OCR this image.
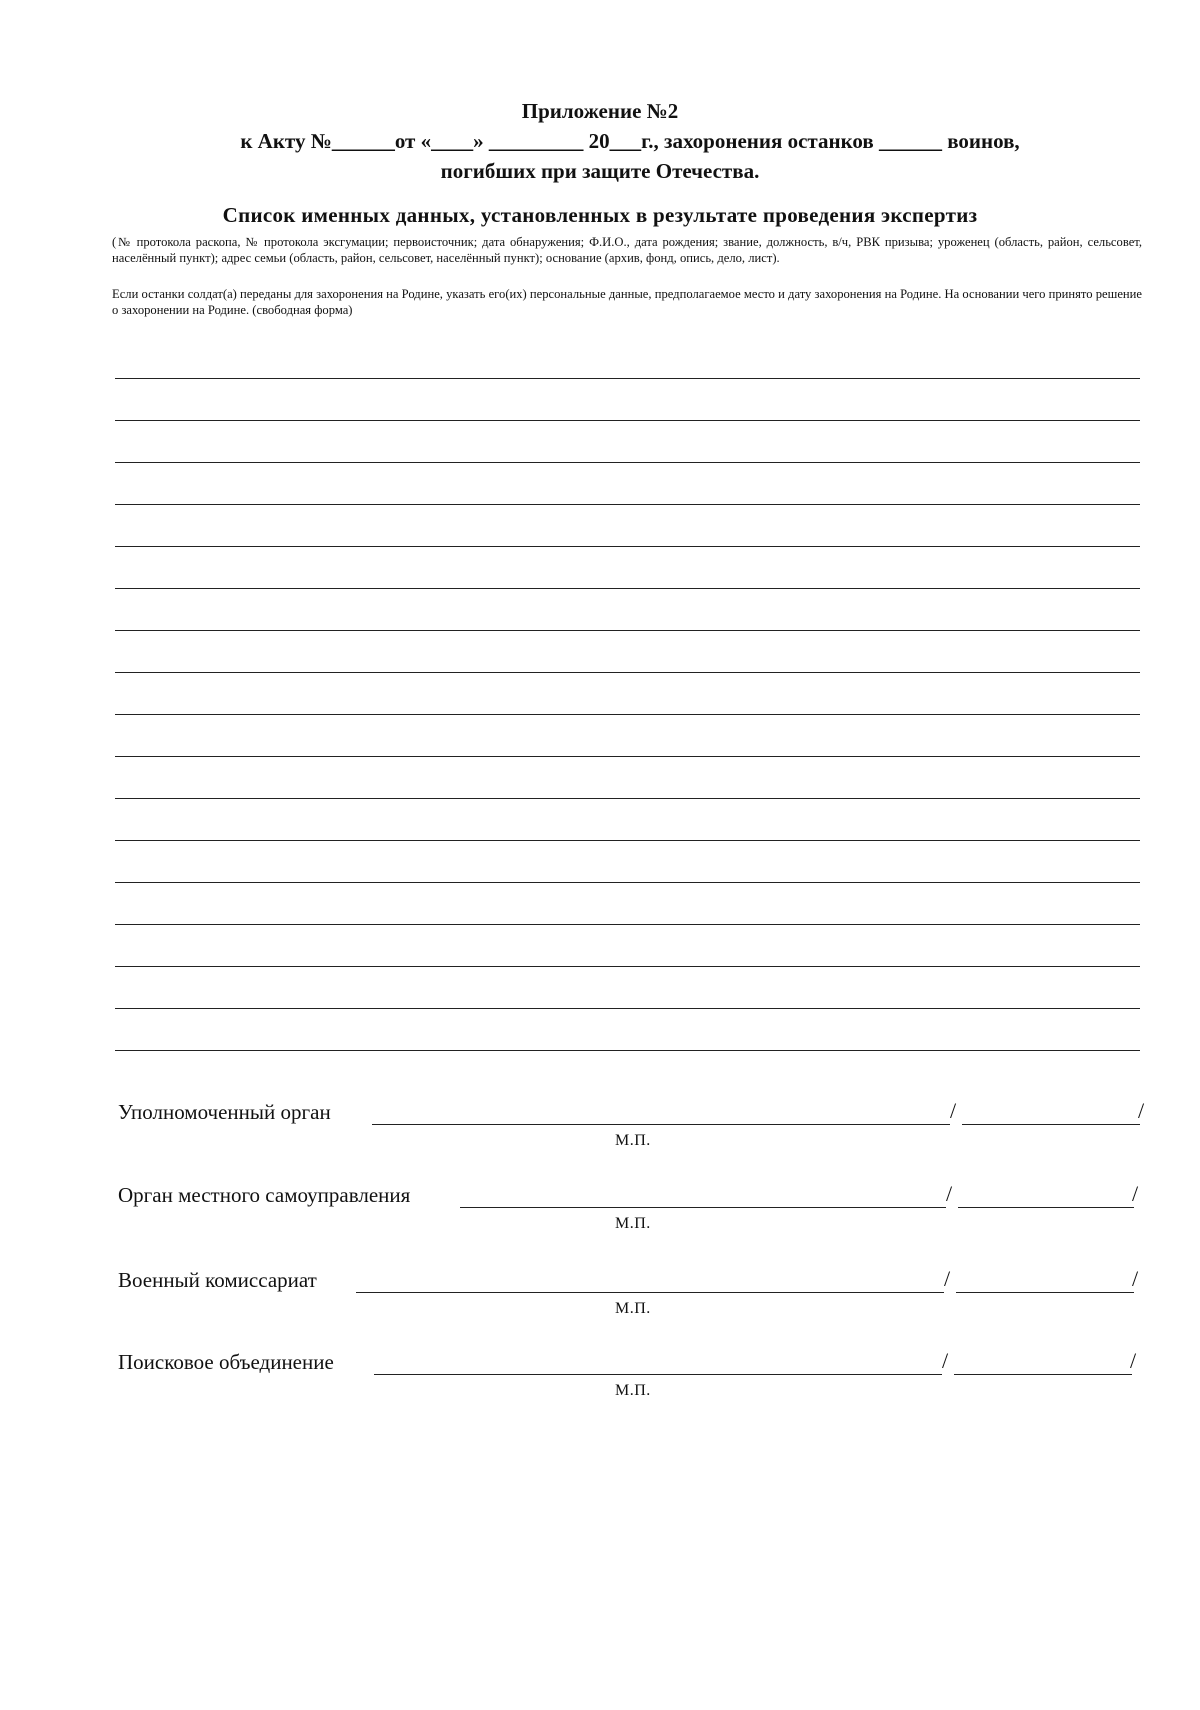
Приложение №2
к Акту №______от «____» _________ 20___г., захоронения останков ______ воинов,
погибших при защите Отечества.
Список именных данных, установленных в результате проведения экспертиз
(№ протокола раскопа, № протокола эксгумации; первоисточник; дата обнаружения; Ф.И.О., дата рождения; звание, должность, в/ч, РВК призыва; уроженец (область, район, сельсовет, населённый пункт); адрес семьи (область, район, сельсовет, населённый пункт); основание (архив, фонд, опись, дело, лист).
Если останки солдат(а) переданы для захоронения на Родине, указать его(их) персональные данные, предполагаемое место и дату захоронения на Родине. На основании чего принято решение о захоронении на Родине. (свободная форма)
Уполномоченный орган	/	/
М.П.
Орган местного самоуправления	/	/
М.П.
Военный комиссариат	/	/
М.П.
Поисковое объединение	/	/
М.П.
